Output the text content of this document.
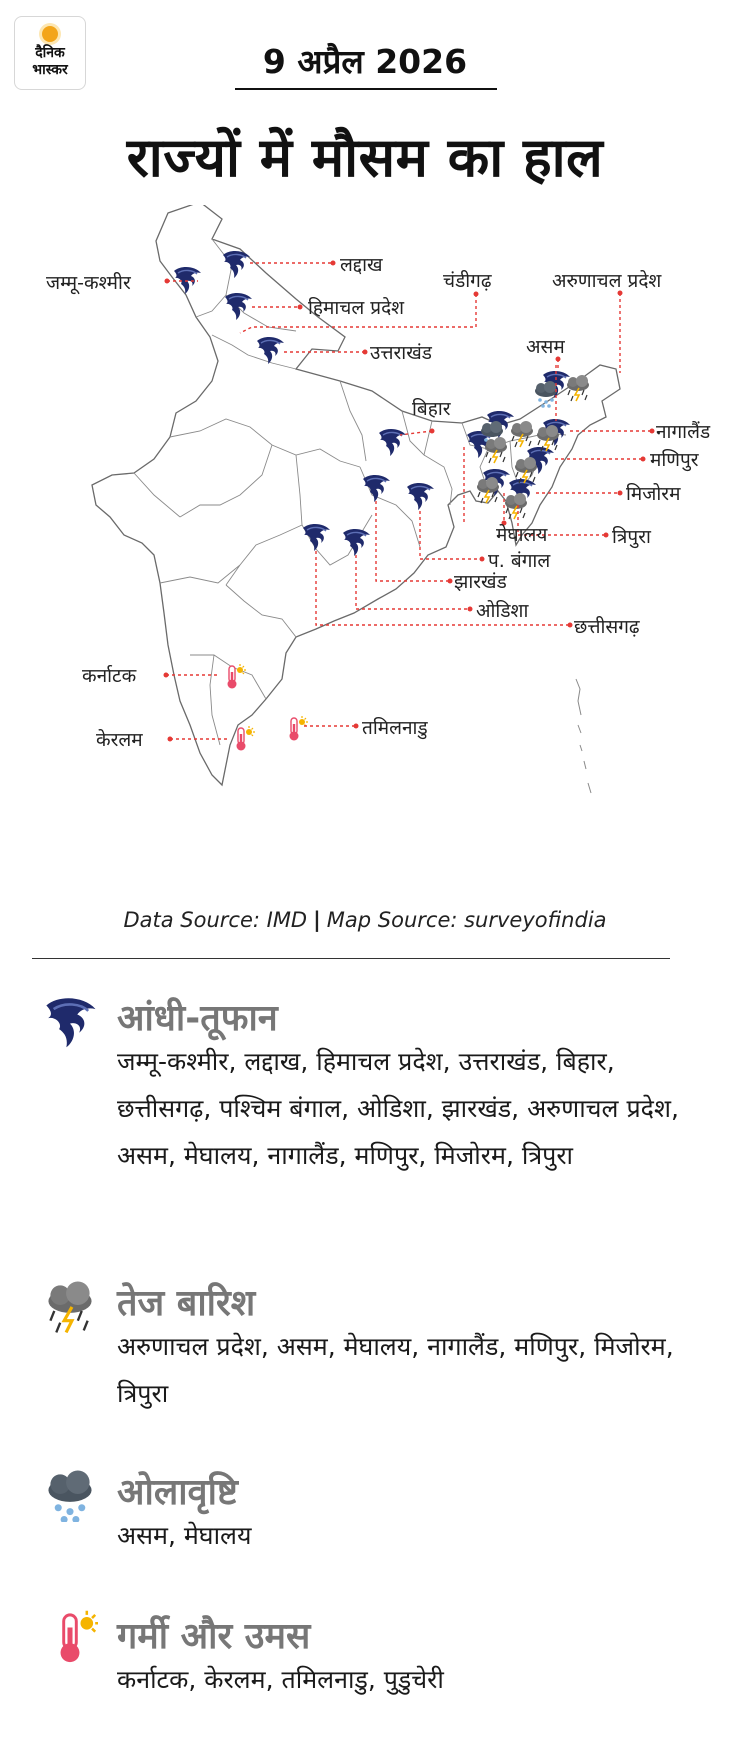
दैनिक
भास्कर	9 अप्रैल 2026
राज्यों में मौसम का हाल
लद्दाख
जम्मू-कश्मीर
हिमाचल प्रदेश
चंडीगढ़
उत्तराखंड
अरुणाचल प्रदेश
असम
बिहार
नागालैंड
मणिपुर
मिजोरम
मेघालय	त्रिपुरा
प. बंगाल
झारखंड
ओडिशा
छत्तीसगढ़
कर्नाटक
केरलम
तमिलनाडु
Data Source: IMD | Map Source: surveyofindia
आंधी-तूफान
जम्मू-कश्मीर, लद्दाख, हिमाचल प्रदेश, उत्तराखंड, बिहार, छत्तीसगढ़, पश्चिम बंगाल, ओडिशा, झारखंड, अरुणाचल प्रदेश, असम, मेघालय, नागालैंड, मणिपुर, मिजोरम, त्रिपुरा
तेज बारिश
अरुणाचल प्रदेश, असम, मेघालय, नागालैंड, मणिपुर, मिजोरम, त्रिपुरा
ओलावृष्टि
असम, मेघालय
गर्मी और उमस
कर्नाटक, केरलम, तमिलनाडु, पुडुचेरी
